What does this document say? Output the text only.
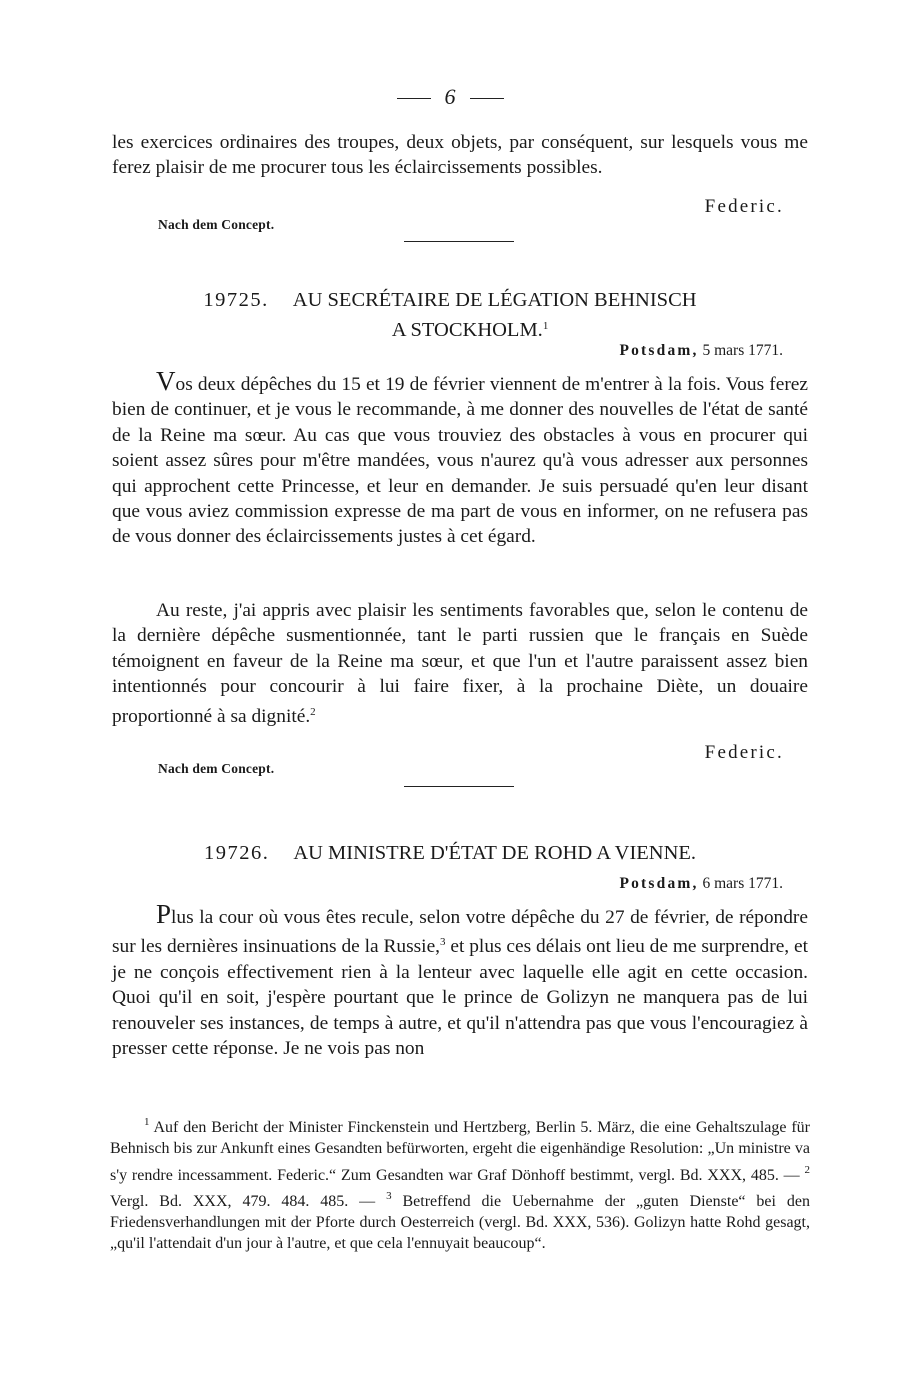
6
les exercices ordinaires des troupes, deux objets, par conséquent, sur lesquels vous me ferez plaisir de me procurer tous les éclaircissements possibles.
Federic.
Nach dem Concept.
19725. AU SECRÉTAIRE DE LÉGATION BEHNISCH
A STOCKHOLM.$^1$
Potsdam, 5 mars 1771.
Vos deux dépêches du 15 et 19 de février viennent de m'entrer à la fois. Vous ferez bien de continuer, et je vous le recommande, à me donner des nouvelles de l'état de santé de la Reine ma sœur. Au cas que vous trouviez des obstacles à vous en procurer qui soient assez sûres pour m'être mandées, vous n'aurez qu'à vous adresser aux personnes qui approchent cette Princesse, et leur en demander. Je suis persuadé qu'en leur disant que vous aviez commission expresse de ma part de vous en informer, on ne refusera pas de vous donner des éclaircissements justes à cet égard.
Au reste, j'ai appris avec plaisir les sentiments favorables que, selon le contenu de la dernière dépêche susmentionnée, tant le parti russien que le français en Suède témoignent en faveur de la Reine ma sœur, et que l'un et l'autre paraissent assez bien intentionnés pour concourir à lui faire fixer, à la prochaine Diète, un douaire proportionné à sa dignité.$^2$
Federic.
Nach dem Concept.
19726. AU MINISTRE D'ÉTAT DE ROHD A VIENNE.
Potsdam, 6 mars 1771.
Plus la cour où vous êtes recule, selon votre dépêche du 27 de février, de répondre sur les dernières insinuations de la Russie,$^3$ et plus ces délais ont lieu de me surprendre, et je ne conçois effectivement rien à la lenteur avec laquelle elle agit en cette occasion. Quoi qu'il en soit, j'espère pourtant que le prince de Golizyn ne manquera pas de lui renouveler ses instances, de temps à autre, et qu'il n'attendra pas que vous l'encouragiez à presser cette réponse. Je ne vois pas non
$^1$ Auf den Bericht der Minister Finckenstein und Hertzberg, Berlin 5. März, die eine Gehaltszulage für Behnisch bis zur Ankunft eines Gesandten befürworten, ergeht die eigenhändige Resolution: „Un ministre va s'y rendre incessamment. Federic.“ Zum Gesandten war Graf Dönhoff bestimmt, vergl. Bd. XXX, 485. — $^2$ Vergl. Bd. XXX, 479. 484. 485. — $^3$ Betreffend die Uebernahme der „guten Dienste“ bei den Friedensverhandlungen mit der Pforte durch Oesterreich (vergl. Bd. XXX, 536). Golizyn hatte Rohd gesagt, „qu'il l'attendait d'un jour à l'autre, et que cela l'ennuyait beaucoup“.
